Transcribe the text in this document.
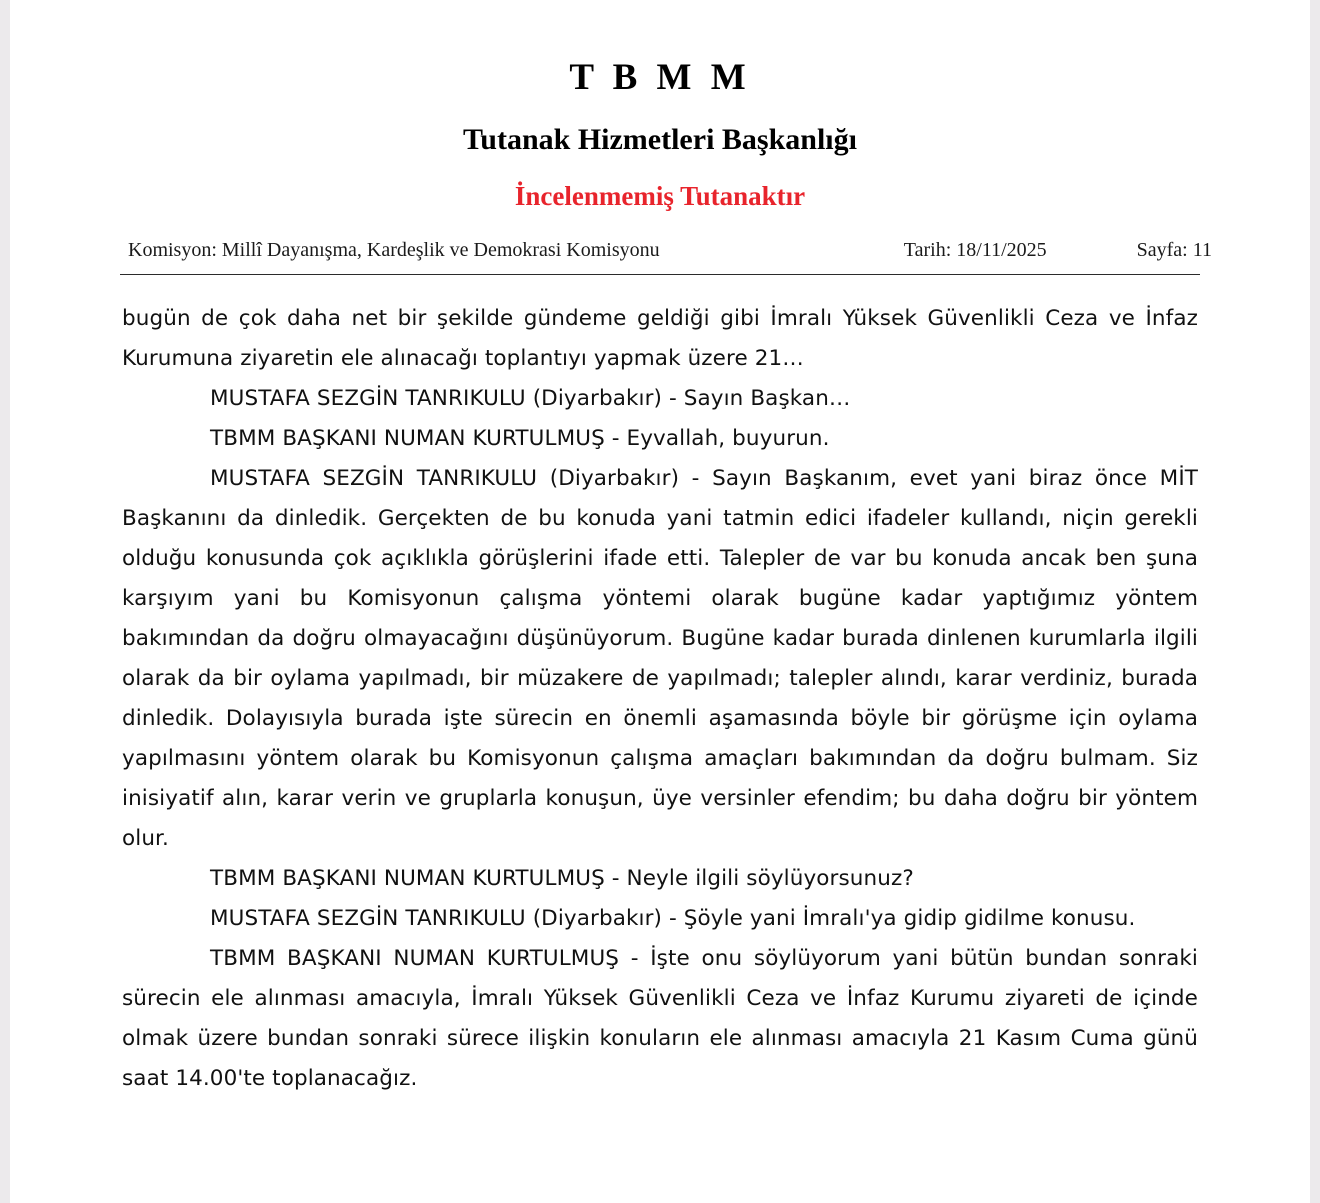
T B M M
Tutanak Hizmetleri Başkanlığı
İncelenmemiş Tutanaktır
Komisyon: Millî Dayanışma, Kardeşlik ve Demokrasi Komisyonu	Tarih: 18/11/2025	Sayfa: 11

bugün de çok daha net bir şekilde gündeme geldiği gibi İmralı Yüksek Güvenlikli Ceza ve İnfaz Kurumuna ziyaretin ele alınacağı toplantıyı yapmak üzere 21…

MUSTAFA SEZGİN TANRIKULU (Diyarbakır) - Sayın Başkan…

TBMM BAŞKANI NUMAN KURTULMUŞ - Eyvallah, buyurun.

MUSTAFA SEZGİN TANRIKULU (Diyarbakır) - Sayın Başkanım, evet yani biraz önce MİT Başkanını da dinledik. Gerçekten de bu konuda yani tatmin edici ifadeler kullandı, niçin gerekli olduğu konusunda çok açıklıkla görüşlerini ifade etti. Talepler de var bu konuda ancak ben şuna karşıyım yani bu Komisyonun çalışma yöntemi olarak bugüne kadar yaptığımız yöntem bakımından da doğru olmayacağını düşünüyorum. Bugüne kadar burada dinlenen kurumlarla ilgili olarak da bir oylama yapılmadı, bir müzakere de yapılmadı; talepler alındı, karar verdiniz, burada dinledik. Dolayısıyla burada işte sürecin en önemli aşamasında böyle bir görüşme için oylama yapılmasını yöntem olarak bu Komisyonun çalışma amaçları bakımından da doğru bulmam. Siz inisiyatif alın, karar verin ve gruplarla konuşun, üye versinler efendim; bu daha doğru bir yöntem olur.

TBMM BAŞKANI NUMAN KURTULMUŞ - Neyle ilgili söylüyorsunuz?

MUSTAFA SEZGİN TANRIKULU (Diyarbakır) - Şöyle yani İmralı'ya gidip gidilme konusu.

TBMM BAŞKANI NUMAN KURTULMUŞ - İşte onu söylüyorum yani bütün bundan sonraki sürecin ele alınması amacıyla, İmralı Yüksek Güvenlikli Ceza ve İnfaz Kurumu ziyareti de içinde olmak üzere bundan sonraki sürece ilişkin konuların ele alınması amacıyla 21 Kasım Cuma günü saat 14.00'te toplanacağız.
